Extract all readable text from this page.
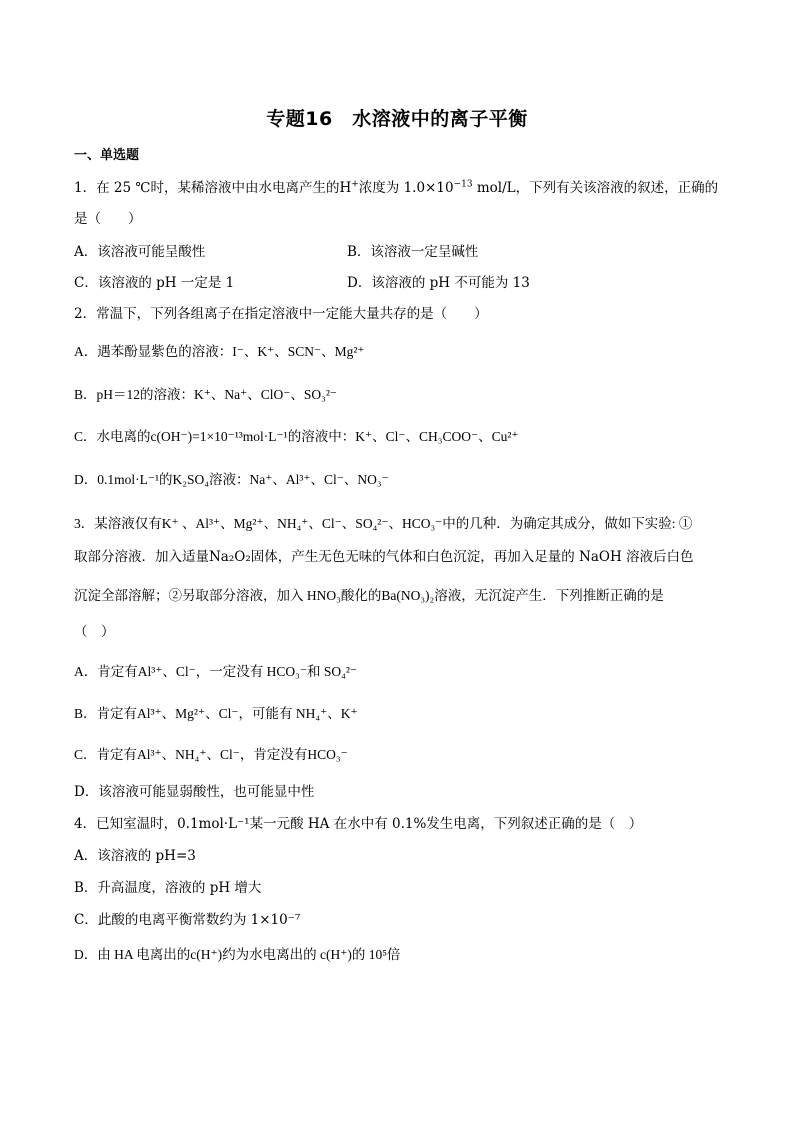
专题16　水溶液中的离子平衡
一、单选题
1．在 25 ℃时，某稀溶液中由水电离产生的H+浓度为 $1.0\times 10^{-13}$ mol/L，下列有关该溶液的叙述，正确的
是（　　）
A．该溶液可能呈酸性	B．该溶液一定呈碱性
C．该溶液的 pH 一定是 1	D．该溶液的 pH 不可能为 13
2．常温下，下列各组离子在指定溶液中一定能大量共存的是（　　）
A．遇苯酚显紫色的溶液：I⁻、K⁺、SCN⁻、Mg²⁺
B．pH＝12的溶液：K⁺、Na⁺、ClO⁻、SO₃²⁻
C．水电离的c(OH⁻)=1×10⁻¹³mol·L⁻¹的溶液中：K⁺、Cl⁻、CH₃COO⁻、Cu²⁺
D．0.1mol·L⁻¹的K₂SO₄溶液：Na⁺、Al³⁺、Cl⁻、NO₃⁻
3．某溶液仅有K⁺ 、Al³⁺、Mg²⁺、NH₄⁺、Cl⁻、SO₄²⁻、HCO₃⁻中的几种．为确定其成分，做如下实验: ①
取部分溶液．加入适量Na₂O₂固体，产生无色无味的气体和白色沉淀，再加入足量的 NaOH 溶液后白色
沉淀全部溶解；②另取部分溶液，加入 HNO₃酸化的Ba(NO₃)₂溶液，无沉淀产生．下列推断正确的是
（　）
A．肯定有Al³⁺、Cl⁻，一定没有 HCO₃⁻和 SO₄²⁻
B．肯定有Al³⁺、Mg²⁺、Cl⁻，可能有 NH₄⁺、K⁺
C．肯定有Al³⁺、NH₄⁺、Cl⁻，肯定没有HCO₃⁻
D．该溶液可能显弱酸性，也可能显中性
4．已知室温时，0.1mol·L⁻¹某一元酸 HA 在水中有 0.1%发生电离，下列叙述正确的是（　）
A．该溶液的 pH=3
B．升高温度，溶液的 pH 增大
C．此酸的电离平衡常数约为 1×10⁻⁷
D．由 HA 电离出的c(H⁺)约为水电离出的 c(H⁺)的 10⁵倍
